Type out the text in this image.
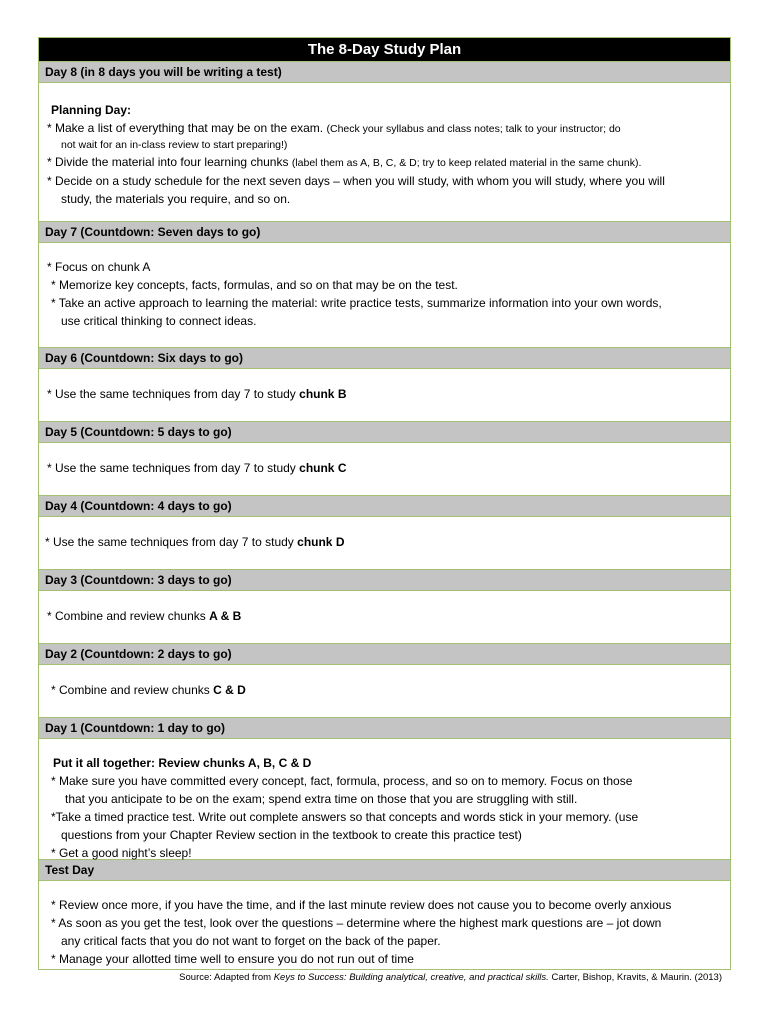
The 8-Day Study Plan
Day 8 (in 8 days you will be writing a test)
Planning Day:
* Make a list of everything that may be on the exam. (Check your syllabus and class notes; talk to your instructor; do
not wait for an in-class review to start preparing!)
* Divide the material into four learning chunks (label them as A, B, C, & D; try to keep related material in the same chunk).
* Decide on a study schedule for the next seven days – when you will study, with whom you will study, where you will
study, the materials you require, and so on.
Day 7 (Countdown: Seven days to go)
* Focus on chunk A
* Memorize key concepts, facts, formulas, and so on that may be on the test.
* Take an active approach to learning the material: write practice tests, summarize information into your own words,
use critical thinking to connect ideas.
Day 6 (Countdown: Six days to go)
* Use the same techniques from day 7 to study chunk B
Day 5 (Countdown: 5 days to go)
* Use the same techniques from day 7 to study chunk C
Day 4 (Countdown: 4 days to go)
* Use the same techniques from day 7 to study chunk D
Day 3 (Countdown: 3 days to go)
* Combine and review chunks A & B
Day 2 (Countdown: 2 days to go)
* Combine and review chunks C & D
Day 1 (Countdown: 1 day to go)
Put it all together: Review chunks A, B, C & D
* Make sure you have committed every concept, fact, formula, process, and so on to memory. Focus on those
that you anticipate to be on the exam; spend extra time on those that you are struggling with still.
*Take a timed practice test. Write out complete answers so that concepts and words stick in your memory. (use
questions from your Chapter Review section in the textbook to create this practice test)
* Get a good night’s sleep!
Test Day
* Review once more, if you have the time, and if the last minute review does not cause you to become overly anxious
* As soon as you get the test, look over the questions – determine where the highest mark questions are – jot down
any critical facts that you do not want to forget on the back of the paper.
* Manage your allotted time well to ensure you do not run out of time
Source: Adapted from Keys to Success: Building analytical, creative, and practical skills. Carter, Bishop, Kravits, & Maurin. (2013)
